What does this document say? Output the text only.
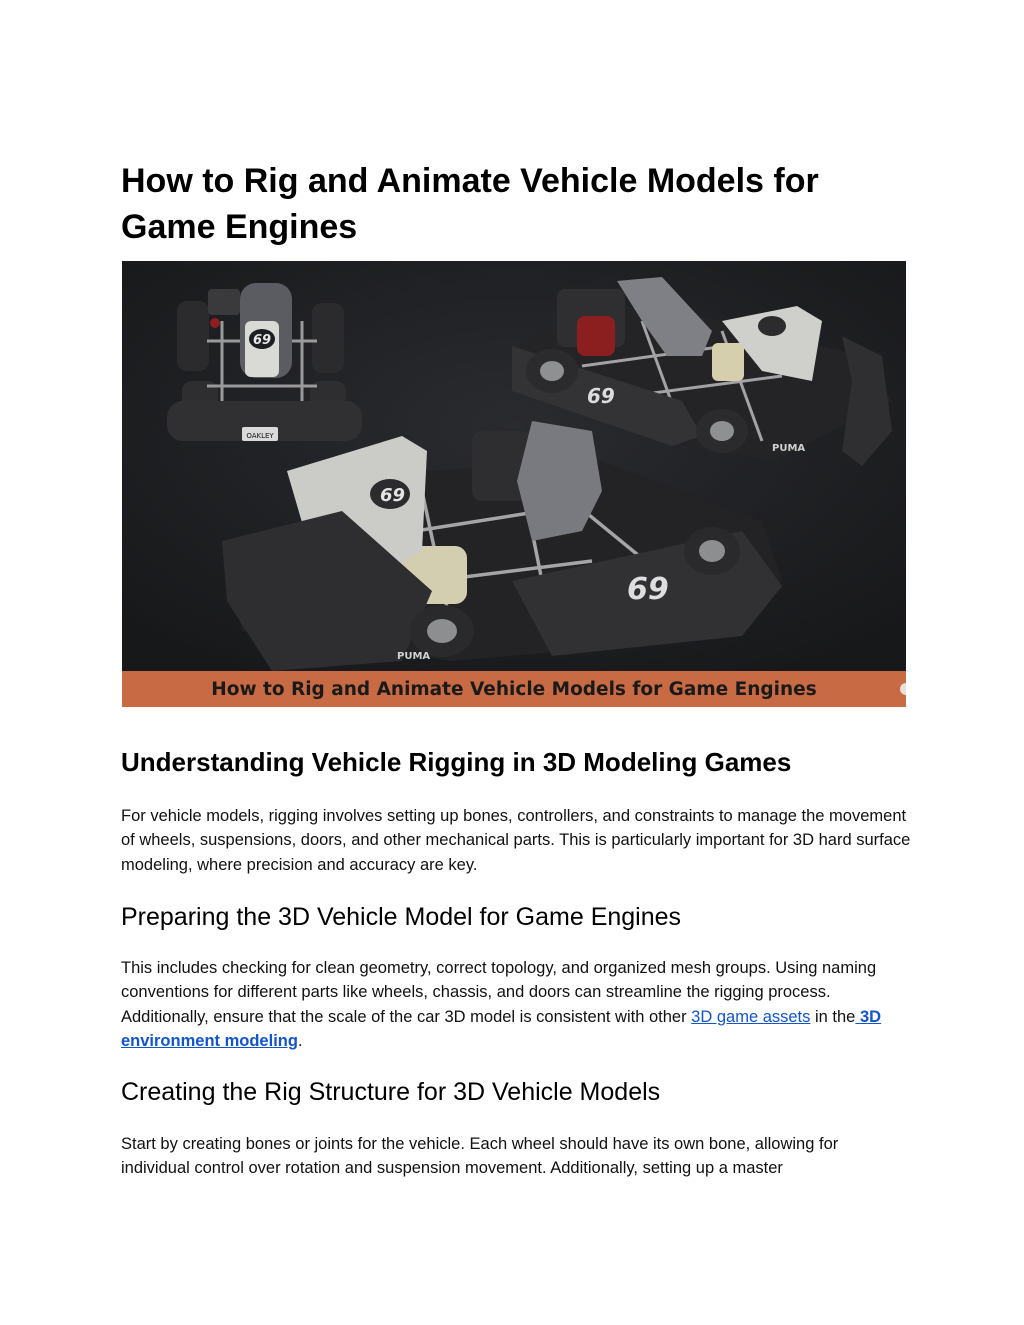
How to Rig and Animate Vehicle Models for Game Engines
69
OAKLEY
69
PUMA
69
69
PUMA
How to Rig and Animate Vehicle Models for Game Engines
Understanding Vehicle Rigging in 3D Modeling Games

For vehicle models, rigging involves setting up bones, controllers, and constraints to manage the movement of wheels, suspensions, doors, and other mechanical parts. This is particularly important for 3D hard surface modeling, where precision and accuracy are key.

Preparing the 3D Vehicle Model for Game Engines

This includes checking for clean geometry, correct topology, and organized mesh groups. Using naming conventions for different parts like wheels, chassis, and doors can streamline the rigging process. Additionally, ensure that the scale of the car 3D model is consistent with other 3D game assets in the 3D environment modeling.

Creating the Rig Structure for 3D Vehicle Models

Start by creating bones or joints for the vehicle. Each wheel should have its own bone, allowing for individual control over rotation and suspension movement. Additionally, setting up a master
